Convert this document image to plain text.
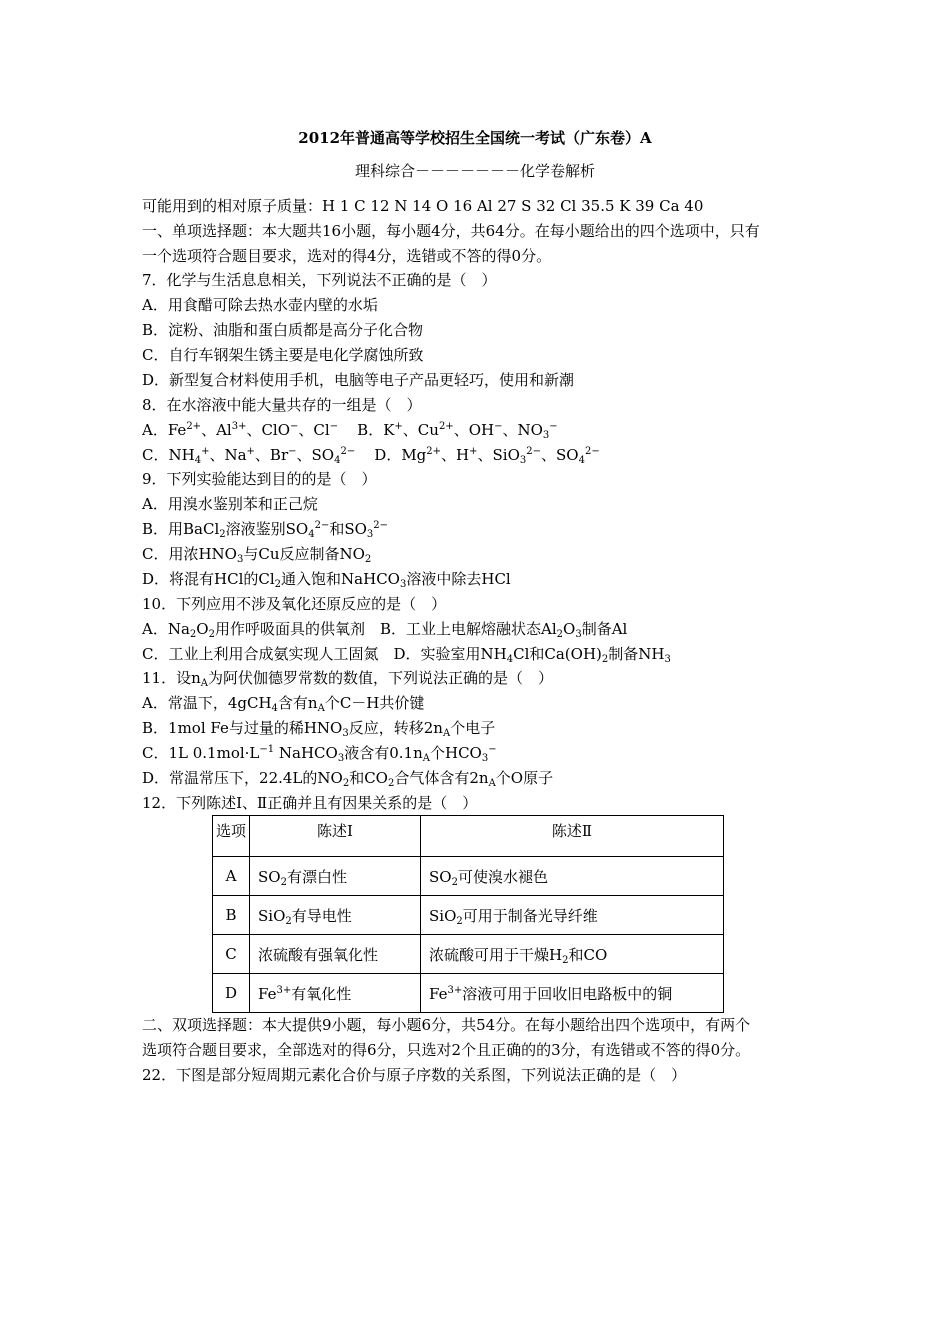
2012年普通高等学校招生全国统一考试（广东卷）A
理科综合－－－－－－－化学卷解析
可能用到的相对原子质量：H 1 C 12 N 14 O 16 Al 27 S 32 Cl 35.5 K 39 Ca 40
一、单项选择题：本大题共16小题，每小题4分，共64分。在每小题给出的四个选项中，只有
一个选项符合题目要求，选对的得4分，选错或不答的得0分。
7．化学与生活息息相关，下列说法不正确的是（　）
A．用食醋可除去热水壶内壁的水垢
B．淀粉、油脂和蛋白质都是高分子化合物
C．自行车钢架生锈主要是电化学腐蚀所致
D．新型复合材料使用手机，电脑等电子产品更轻巧，使用和新潮
8．在水溶液中能大量共存的一组是（　）
A．$Fe^{2+}$、$Al^{3+}$、ClO−、Cl− B．K+、$Cu^{2+}$、OH−、$NO_3^-$
C．$NH_4^+$、Na+、Br−、$SO_4^{2-}$ D．$Mg^{2+}$、H+、SiO$_3^{2-}$、$SO_4^{2-}$
9．下列实验能达到目的的是（　）
A．用溴水鉴别苯和正己烷
B．用BaCl$_2$溶液鉴别$SO_4^{2-}$和$SO_3^{2-}$
C．用浓$HNO_3$与Cu反应制备$NO_2$
D．将混有HCl的$Cl_2$通入饱和NaHCO$_3$溶液中除去HCl
10．下列应用不涉及氧化还原反应的是（　）
A．$Na_2O_2$用作呼吸面具的供氧剂　B．工业上电解熔融状态$Al_2O_3$制备Al
C．工业上利用合成氨实现人工固氮　D．实验室用$NH_4Cl$和$Ca(OH)_2$制备$NH_3$
11．设$n_A$为阿伏伽德罗常数的数值，下列说法正确的是（　）
A．常温下，4gCH$_4$含有$n_A$个C－H共价键
B．1mol Fe与过量的稀$HNO_3$反应，转移$2n_A$个电子
C．1L $0.1mol\cdot L^{-1}$ NaHCO$_3$液含有$0.1n_A$个$HCO_3^-$
D．常温常压下，22.4L的$NO_2$和$CO_2$合气体含有$2n_A$个O原子
12．下列陈述Ⅰ、Ⅱ正确并且有因果关系的是（　）
选项	陈述Ⅰ	陈述Ⅱ
A	$SO_2$有漂白性	$SO_2$可使溴水褪色
B	SiO$_2$有导电性	SiO$_2$可用于制备光导纤维
C	浓硫酸有强氧化性	浓硫酸可用于干燥$H_2$和CO
D	$Fe^{3+}$有氧化性	$Fe^{3+}$溶液可用于回收旧电路板中的铜
二、双项选择题：本大提供9小题，每小题6分，共54分。在每小题给出四个选项中，有两个
选项符合题目要求，全部选对的得6分，只选对2个且正确的的3分，有选错或不答的得0分。
22．下图是部分短周期元素化合价与原子序数的关系图，下列说法正确的是（　）
